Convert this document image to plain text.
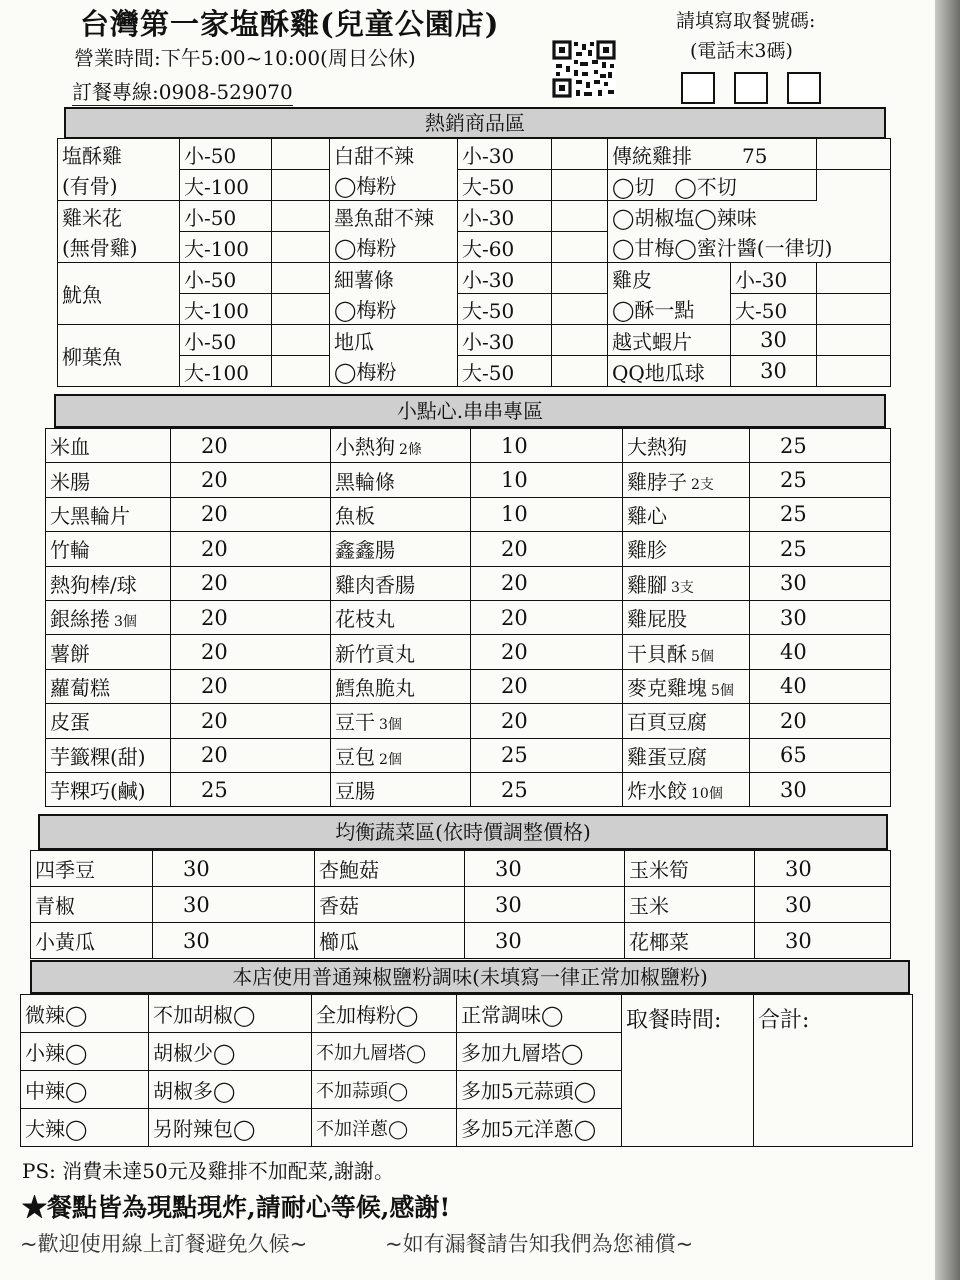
台灣第一家塩酥雞(兒童公園店)
營業時間:下午5:00~10:00(周日公休)
訂餐專線:0908-529070
請填寫取餐號碼:
(電話末3碼)
熱銷商品區
塩酥雞	小-50		白甜不辣	小-30		傳統雞排 75		
(有骨)	大-100		◯梅粉	大-50		◯切　◯不切		
雞米花	小-50		墨魚甜不辣	小-30		◯胡椒塩◯辣味		
(無骨雞)	大-100		◯梅粉	大-60		◯甘梅◯蜜汁醬(一律切)		
魷魚	小-50		細薯條	小-30		雞皮	小-30	
	大-100		◯梅粉	大-50		◯酥一點	大-50	
柳葉魚	小-50		地瓜	小-30		越式蝦片	30	
	大-100		◯梅粉	大-50		QQ地瓜球	30	
小點心.串串專區
米血	20	小熱狗 2條	10	大熱狗	25
米腸	20	黑輪條	10	雞脖子 2支	25
大黑輪片	20	魚板	10	雞心	25
竹輪	20	鑫鑫腸	20	雞胗	25
熱狗棒/球	20	雞肉香腸	20	雞腳 3支	30
銀絲捲 3個	20	花枝丸	20	雞屁股	30
薯餅	20	新竹貢丸	20	干貝酥 5個	40
蘿蔔糕	20	鱈魚脆丸	20	麥克雞塊 5個	40
皮蛋	20	豆干 3個	20	百頁豆腐	20
芋籤粿(甜)	20	豆包 2個	25	雞蛋豆腐	65
芋粿巧(鹹)	25	豆腸	25	炸水餃 10個	30
均衡蔬菜區(依時價調整價格)
四季豆	30	杏鮑菇	30	玉米筍	30
青椒	30	香菇	30	玉米	30
小黃瓜	30	櫛瓜	30	花椰菜	30
本店使用普通辣椒鹽粉調味(未填寫一律正常加椒鹽粉)
微辣◯	不加胡椒◯	全加梅粉◯	正常調味◯	取餐時間:	合計:
小辣◯	胡椒少◯	不加九層塔◯	多加九層塔◯		
中辣◯	胡椒多◯	不加蒜頭◯	多加5元蒜頭◯		
大辣◯	另附辣包◯	不加洋蔥◯	多加5元洋蔥◯		
PS: 消費未達50元及雞排不加配菜,謝謝。
★餐點皆為現點現炸,請耐心等候,感謝!
~歡迎使用線上訂餐避免久候~	~如有漏餐請告知我們為您補償~
